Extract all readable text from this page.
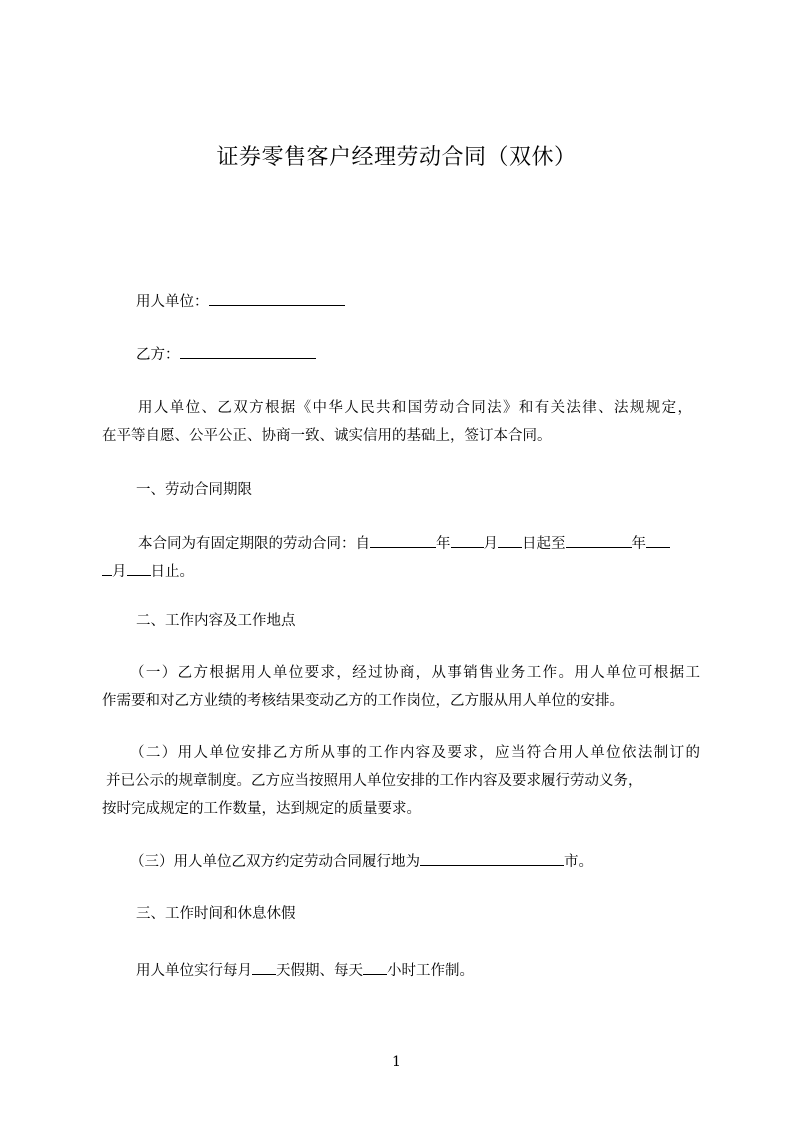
证券零售客户经理劳动合同（双休）
用人单位：
乙方：
用人单位、乙双方根据《中华人民共和国劳动合同法》和有关法律、法规规定，
在平等自愿、公平公正、协商一致、诚实信用的基础上，签订本合同。
一、劳动合同期限
本合同为有固定期限的劳动合同：自	年 月 日起至	年
月 日止。
二、工作内容及工作地点
（一）乙方根据用人单位要求，经过协商，从事销售业务工作。用人单位可根据工
作需要和对乙方业绩的考核结果变动乙方的工作岗位，乙方服从用人单位的安排。
（二）用人单位安排乙方所从事的工作内容及要求，应当符合用人单位依法制订的
并已公示的规章制度。乙方应当按照用人单位安排的工作内容及要求履行劳动义务，
按时完成规定的工作数量，达到规定的质量要求。
（三）用人单位乙双方约定劳动合同履行地为	市。
三、工作时间和休息休假
用人单位实行每月 天假期、每天 小时工作制。
1
